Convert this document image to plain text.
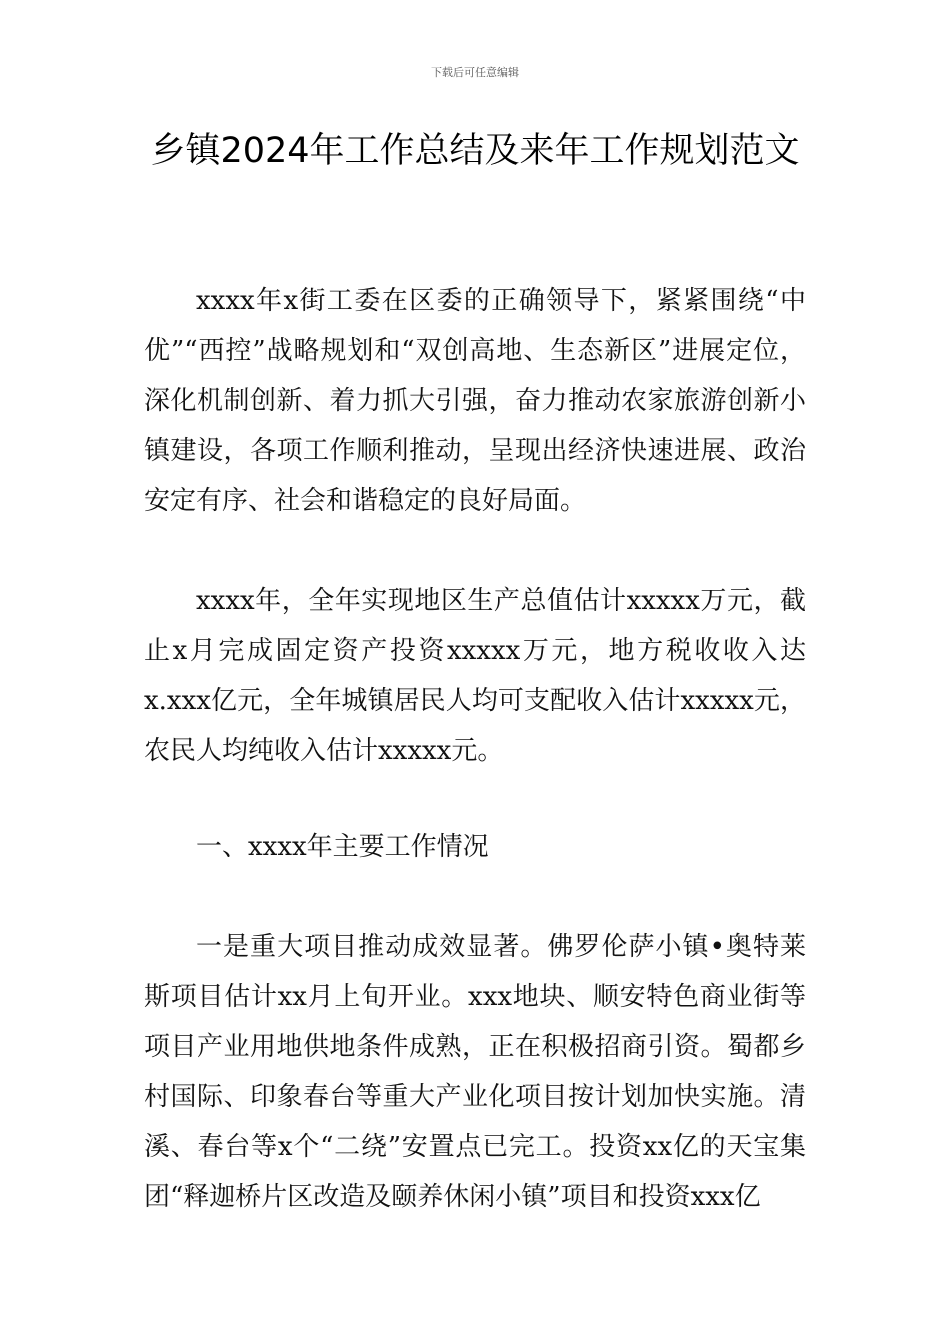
下载后可任意编辑
乡镇2024年工作总结及来年工作规划范文

xxxx年x街工委在区委的正确领导下，紧紧围绕“中优”“西控”战略规划和“双创高地、生态新区”进展定位，深化机制创新、着力抓大引强，奋力推动农家旅游创新小镇建设，各项工作顺利推动，呈现出经济快速进展、政治安定有序、社会和谐稳定的良好局面。

xxxx年，全年实现地区生产总值估计xxxxx万元，截止x月完成固定资产投资xxxxx万元，地方税收收入达x.xxx亿元，全年城镇居民人均可支配收入估计xxxxx元，农民人均纯收入估计xxxxx元。

一、xxxx年主要工作情况

一是重大项目推动成效显著。佛罗伦萨小镇•奥特莱斯项目估计xx月上旬开业。xxx地块、顺安特色商业街等项目产业用地供地条件成熟，正在积极招商引资。蜀都乡村国际、印象春台等重大产业化项目按计划加快实施。清溪、春台等x个“二绕”安置点已完工。投资xx亿的天宝集团“释迦桥片区改造及颐养休闲小镇”项目和投资xxx亿
